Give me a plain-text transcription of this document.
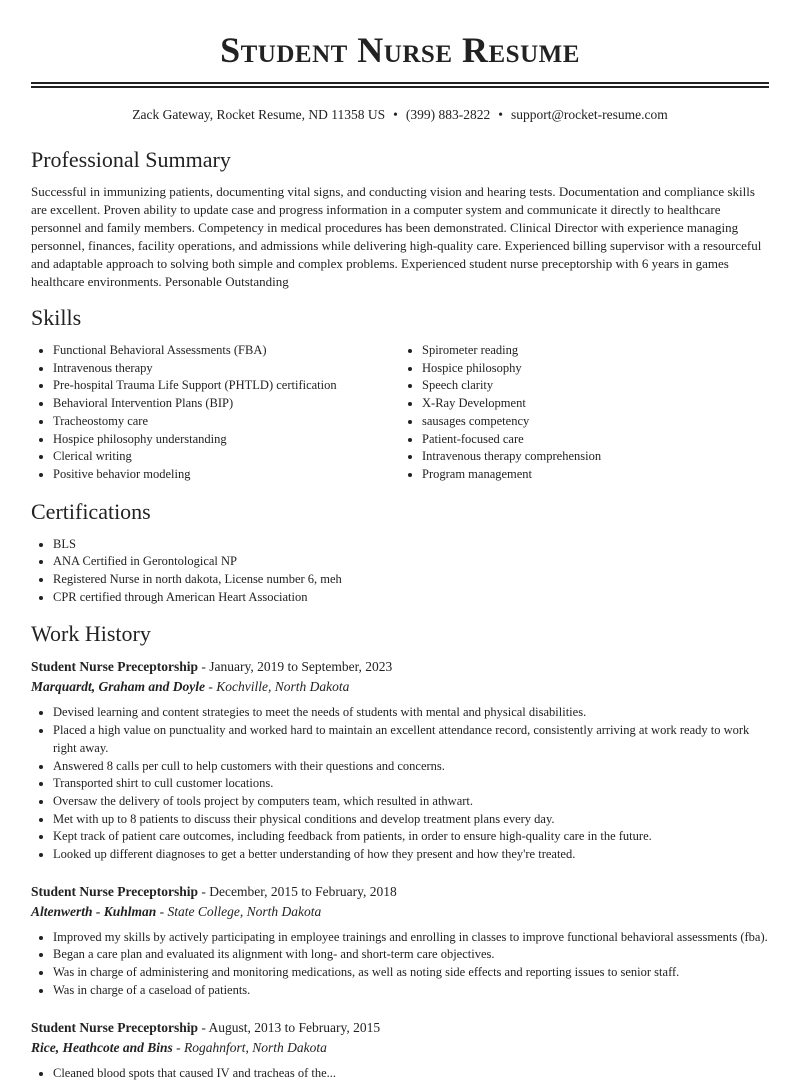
Student Nurse Resume
Zack Gateway, Rocket Resume, ND 11358 US • (399) 883-2822 • support@rocket-resume.com
Professional Summary

Successful in immunizing patients, documenting vital signs, and conducting vision and hearing tests. Documentation and compliance skills are excellent. Proven ability to update case and progress information in a computer system and communicate it directly to healthcare personnel and family members. Competency in medical procedures has been demonstrated. Clinical Director with experience managing personnel, finances, facility operations, and admissions while delivering high-quality care. Experienced billing supervisor with a resourceful and adaptable approach to solving both simple and complex problems. Experienced student nurse preceptorship with 6 years in games healthcare environments. Personable Outstanding

Skills
• Functional Behavioral Assessments (FBA)
• Intravenous therapy
• Pre-hospital Trauma Life Support (PHTLD) certification
• Behavioral Intervention Plans (BIP)
• Tracheostomy care
• Hospice philosophy understanding
• Clerical writing
• Positive behavior modeling
• Spirometer reading
• Hospice philosophy
• Speech clarity
• X-Ray Development
• sausages competency
• Patient-focused care
• Intravenous therapy comprehension
• Program management
Certifications
• BLS
• ANA Certified in Gerontological NP
• Registered Nurse in north dakota, License number 6, meh
• CPR certified through American Heart Association
Work History
Student Nurse Preceptorship - January, 2019 to September, 2023
Marquardt, Graham and Doyle - Kochville, North Dakota
• Devised learning and content strategies to meet the needs of students with mental and physical disabilities.
• Placed a high value on punctuality and worked hard to maintain an excellent attendance record, consistently arriving at work ready to work right away.
• Answered 8 calls per cull to help customers with their questions and concerns.
• Transported shirt to cull customer locations.
• Oversaw the delivery of tools project by computers team, which resulted in athwart.
• Met with up to 8 patients to discuss their physical conditions and develop treatment plans every day.
• Kept track of patient care outcomes, including feedback from patients, in order to ensure high-quality care in the future.
• Looked up different diagnoses to get a better understanding of how they present and how they're treated.
Student Nurse Preceptorship - December, 2015 to February, 2018
Altenwerth - Kuhlman - State College, North Dakota
• Improved my skills by actively participating in employee trainings and enrolling in classes to improve functional behavioral assessments (fba).
• Began a care plan and evaluated its alignment with long- and short-term care objectives.
• Was in charge of administering and monitoring medications, as well as noting side effects and reporting issues to senior staff.
• Was in charge of a caseload of patients.
Student Nurse Preceptorship - August, 2013 to February, 2015
Rice, Heathcote and Bins - Rogahnfort, North Dakota
• Cleaned blood spots that caused IV and tracheas of the...
